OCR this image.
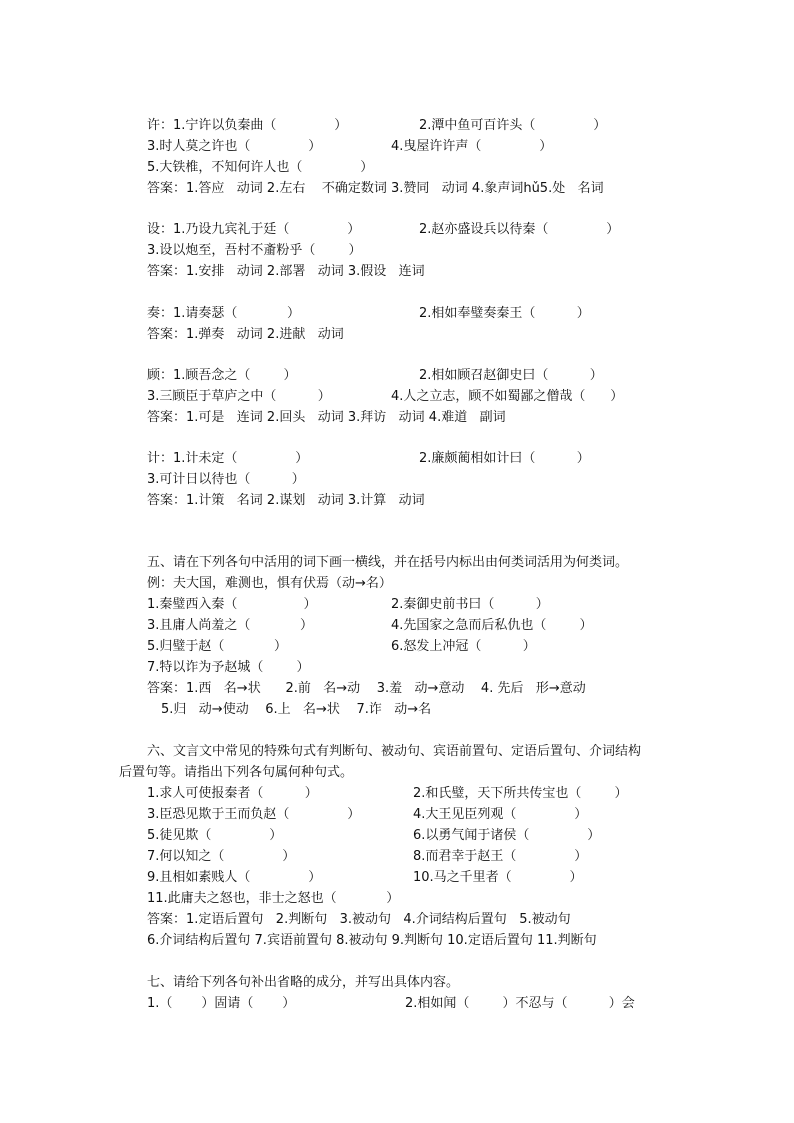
许：1.宁许以负秦曲（              ）	2.潭中鱼可百许头（              ）
3.时人莫之许也（              ）	4.曳屋许许声（              ）
5.大铁椎，不知何许人也（              ）
答案：1.答应   动词 2.左右    不确定数词 3.赞同   动词 4.象声词hǔ5.处   名词
设：1.乃设九宾礼于廷（              ）	2.赵亦盛设兵以待秦（              ）
3.设以炮至，吾村不齑粉乎（        ）
答案：1.安排   动词 2.部署   动词 3.假设   连词
奏：1.请奏瑟（            ）	2.相如奉璧奏秦王（          ）
答案：1.弹奏   动词 2.进献   动词
顾：1.顾吾念之（        ）	2.相如顾召赵御史曰（          ）
3.三顾臣于草庐之中（          ）	4.人之立志，顾不如蜀鄙之僧哉（      ）
答案：1.可是   连词 2.回头   动词 3.拜访   动词 4.难道   副词
计：1.计未定（              ）	2.廉颇蔺相如计曰（          ）
3.可计日以待也（          ）
答案：1.计策   名词 2.谋划   动词 3.计算   动词
五、请在下列各句中活用的词下画一横线，并在括号内标出由何类词活用为何类词。
例：夫大国，难测也，惧有伏焉（动→名）
1.秦璧西入秦（                ）	2.秦御史前书曰（          ）
3.且庸人尚羞之（            ）	4.先国家之急而后私仇也（        ）
5.归璧于赵（            ）	6.怒发上冲冠（          ）
7.特以诈为予赵城（        ）
答案：1.西   名→状      2.前   名→动    3.羞   动→意动    4. 先后   形→意动
5.归   动→使动    6.上   名→状    7.诈   动→名
六、文言文中常见的特殊句式有判断句、被动句、宾语前置句、定语后置句、介词结构
后置句等。请指出下列各句属何种句式。
1.求人可使报秦者（          ）	2.和氏璧，天下所共传宝也（        ）
3.臣恐见欺于王而负赵（              ）	4.大王见臣列观（              ）
5.徒见欺（              ）	6.以勇气闻于诸侯（              ）
7.何以知之（              ）	8.而君幸于赵王（              ）
9.且相如素贱人（              ）	10.马之千里者（              ）
11.此庸夫之怒也，非士之怒也（            ）
答案：1.定语后置句   2.判断句   3.被动句   4.介词结构后置句   5.被动句
6.介词结构后置句 7.宾语前置句 8.被动句 9.判断句 10.定语后置句 11.判断句
七、请给下列各句补出省略的成分，并写出具体内容。
1.（       ）固请（       ）	2.相如闻（        ）不忍与（          ）会
